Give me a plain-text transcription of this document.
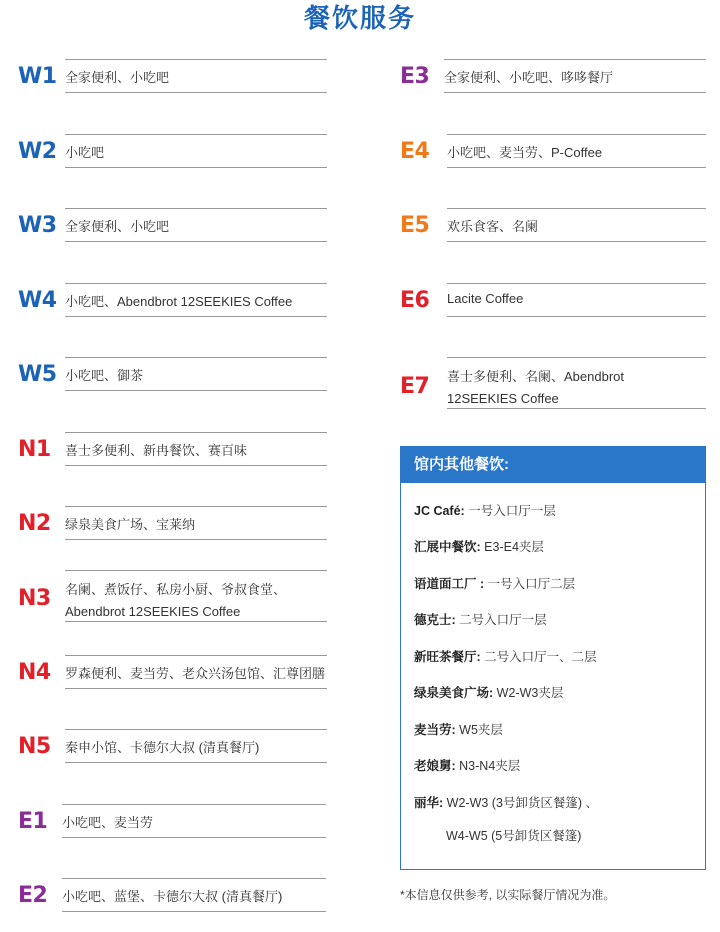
餐饮服务
W1 全家便利、小吃吧
W2 小吃吧
W3 全家便利、小吃吧
W4 小吃吧、Abendbrot 12SEEKIES Coffee
W5 小吃吧、御茶
N1 喜士多便利、新冉餐饮、赛百味
N2 绿泉美食广场、宝莱纳
N3 名阑、煮饭仔、私房小厨、爷叔食堂、Abendbrot 12SEEKIES Coffee
N4 罗森便利、麦当劳、老众兴汤包馆、汇尊团膳
N5 秦申小馆、卡德尔大叔 (清真餐厅)
E1 小吃吧、麦当劳
E2 小吃吧、蓝堡、卡德尔大叔 (清真餐厅)
E3 全家便利、小吃吧、哆哆餐厅
E4 小吃吧、麦当劳、P-Coffee
E5 欢乐食客、名阑
E6 Lacite Coffee
E7 喜士多便利、名阑、Abendbrot 12SEEKIES Coffee
馆内其他餐饮:
JC Café: 一号入口厅一层
汇展中餐饮: E3-E4夹层
语道面工厂 : 一号入口厅二层
德克士: 二号入口厅一层
新旺茶餐厅: 二号入口厅一、二层
绿泉美食广场: W2-W3夹层
麦当劳: W5夹层
老娘舅: N3-N4夹层
丽华: W2-W3 (3号卸货区餐篷) 、
W4-W5 (5号卸货区餐篷)
*本信息仅供参考, 以实际餐厅情况为准。
